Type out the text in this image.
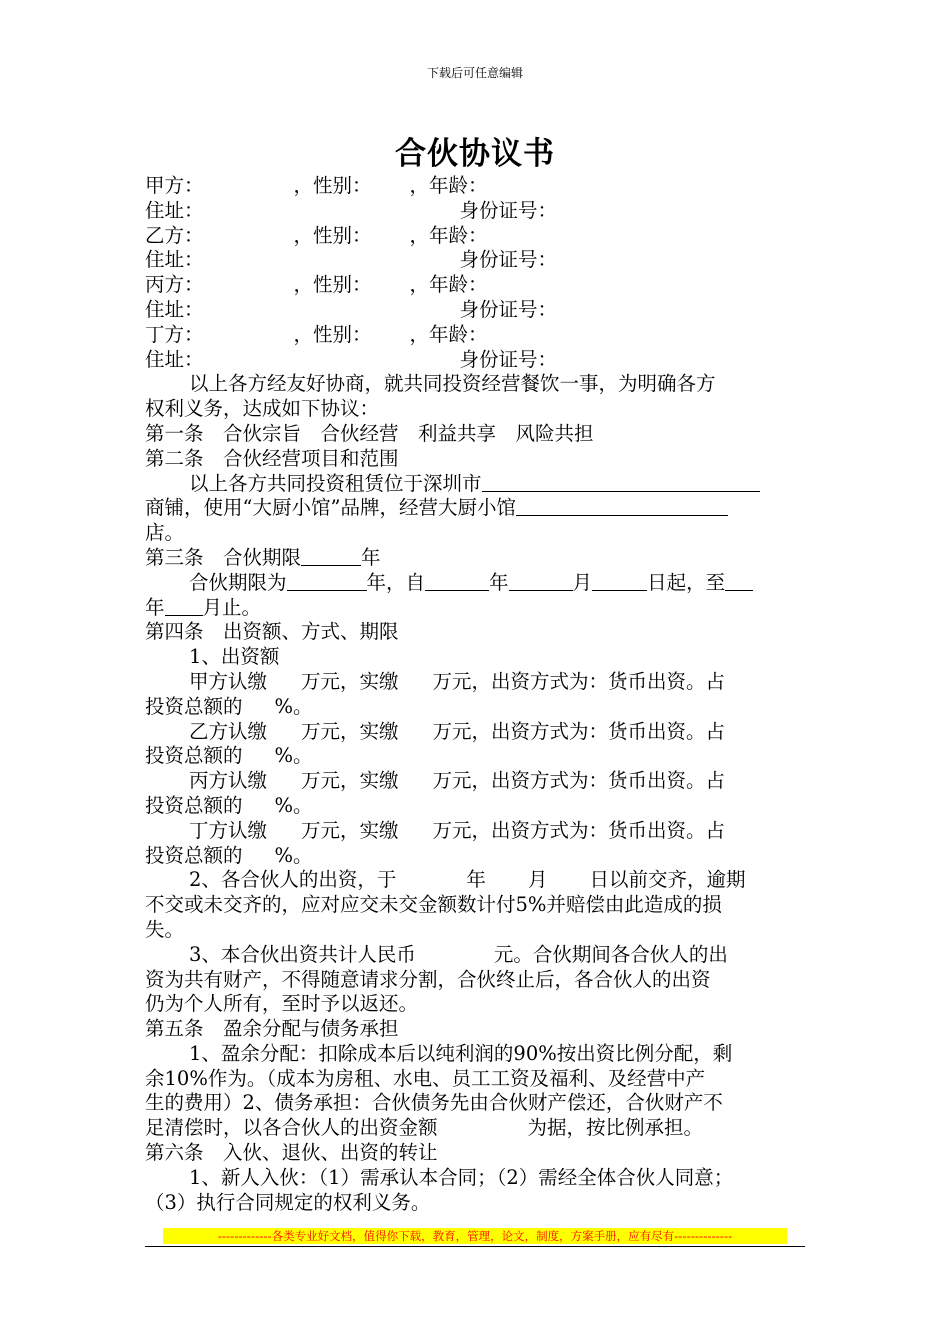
下载后可任意编辑
合伙协议书
甲方：	，性别： ，年龄：
住址：	身份证号：
乙方：	，性别： ，年龄：
住址：	身份证号：
丙方：	，性别： ，年龄：
住址：	身份证号：
丁方：	，性别： ，年龄：
住址：	身份证号：
以上各方经友好协商，就共同投资经营餐饮一事，为明确各方
权利义务，达成如下协议：
第一条　合伙宗旨　合伙经营　利益共享　风险共担
第二条　合伙经营项目和范围
以上各方共同投资租赁位于深圳市
商铺，使用“大厨小馆”品牌，经营大厨小馆
店。
第三条　合伙期限	年
合伙期限为	年，自	年	月	日起，至
年 月止。
第四条　出资额、方式、期限
1、出资额
甲方认缴 万元，实缴 万元，出资方式为：货币出资。占
投资总额的 %。
乙方认缴 万元，实缴 万元，出资方式为：货币出资。占
投资总额的 %。
丙方认缴 万元，实缴 万元，出资方式为：货币出资。占
投资总额的 %。
丁方认缴 万元，实缴 万元，出资方式为：货币出资。占
投资总额的 %。
2、各合伙人的出资，于	年 月 日以前交齐，逾期
不交或未交齐的，应对应交未交金额数计付5%并赔偿由此造成的损
失。
3、本合伙出资共计人民币	元。合伙期间各合伙人的出
资为共有财产，不得随意请求分割，合伙终止后，各合伙人的出资
仍为个人所有，至时予以返还。
第五条　盈余分配与债务承担
1、盈余分配：扣除成本后以纯利润的90%按出资比例分配，剩
余10%作为。（成本为房租、水电、员工工资及福利、及经营中产
生的费用）2、债务承担：合伙债务先由合伙财产偿还，合伙财产不
足清偿时，以各合伙人的出资金额	为据，按比例承担。
第六条　入伙、退伙、出资的转让
1、新人入伙：（1）需承认本合同；（2）需经全体合伙人同意；
（3）执行合同规定的权利义务。
-------------各类专业好文档，值得你下载，教育，管理，论文，制度，方案手册，应有尽有--------------
